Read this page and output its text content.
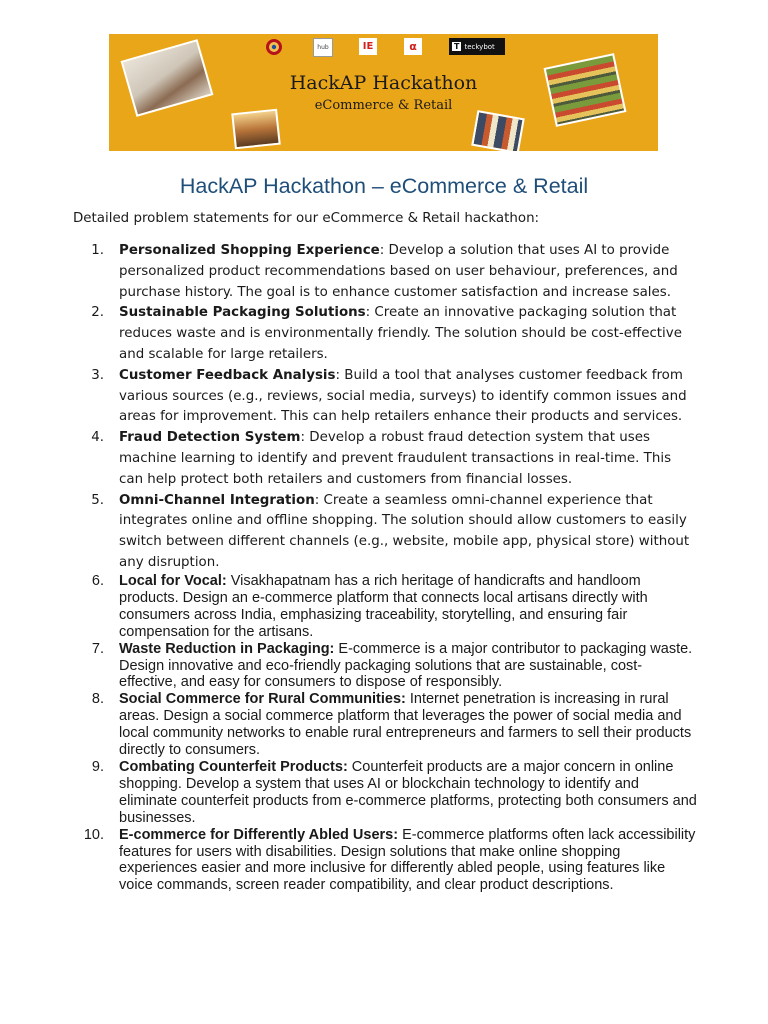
hub	IE	α	T teckybot
HackAP Hackathon
eCommerce & Retail
HackAP Hackathon – eCommerce & Retail

Detailed problem statements for our eCommerce & Retail hackathon:

1. Personalized Shopping Experience: Develop a solution that uses AI to provide personalized product recommendations based on user behaviour, preferences, and purchase history. The goal is to enhance customer satisfaction and increase sales.
2. Sustainable Packaging Solutions: Create an innovative packaging solution that reduces waste and is environmentally friendly. The solution should be cost-effective and scalable for large retailers.
3. Customer Feedback Analysis: Build a tool that analyses customer feedback from various sources (e.g., reviews, social media, surveys) to identify common issues and areas for improvement. This can help retailers enhance their products and services.
4. Fraud Detection System: Develop a robust fraud detection system that uses machine learning to identify and prevent fraudulent transactions in real-time. This can help protect both retailers and customers from financial losses.
5. Omni-Channel Integration: Create a seamless omni-channel experience that integrates online and offline shopping. The solution should allow customers to easily switch between different channels (e.g., website, mobile app, physical store) without any disruption.
6. Local for Vocal: Visakhapatnam has a rich heritage of handicrafts and handloom products. Design an e-commerce platform that connects local artisans directly with consumers across India, emphasizing traceability, storytelling, and ensuring fair compensation for the artisans.
7. Waste Reduction in Packaging: E-commerce is a major contributor to packaging waste. Design innovative and eco-friendly packaging solutions that are sustainable, cost-effective, and easy for consumers to dispose of responsibly.
8. Social Commerce for Rural Communities: Internet penetration is increasing in rural areas. Design a social commerce platform that leverages the power of social media and local community networks to enable rural entrepreneurs and farmers to sell their products directly to consumers.
9. Combating Counterfeit Products: Counterfeit products are a major concern in online shopping. Develop a system that uses AI or blockchain technology to identify and eliminate counterfeit products from e-commerce platforms, protecting both consumers and businesses.
10. E-commerce for Differently Abled Users: E-commerce platforms often lack accessibility features for users with disabilities. Design solutions that make online shopping experiences easier and more inclusive for differently abled people, using features like voice commands, screen reader compatibility, and clear product descriptions.
